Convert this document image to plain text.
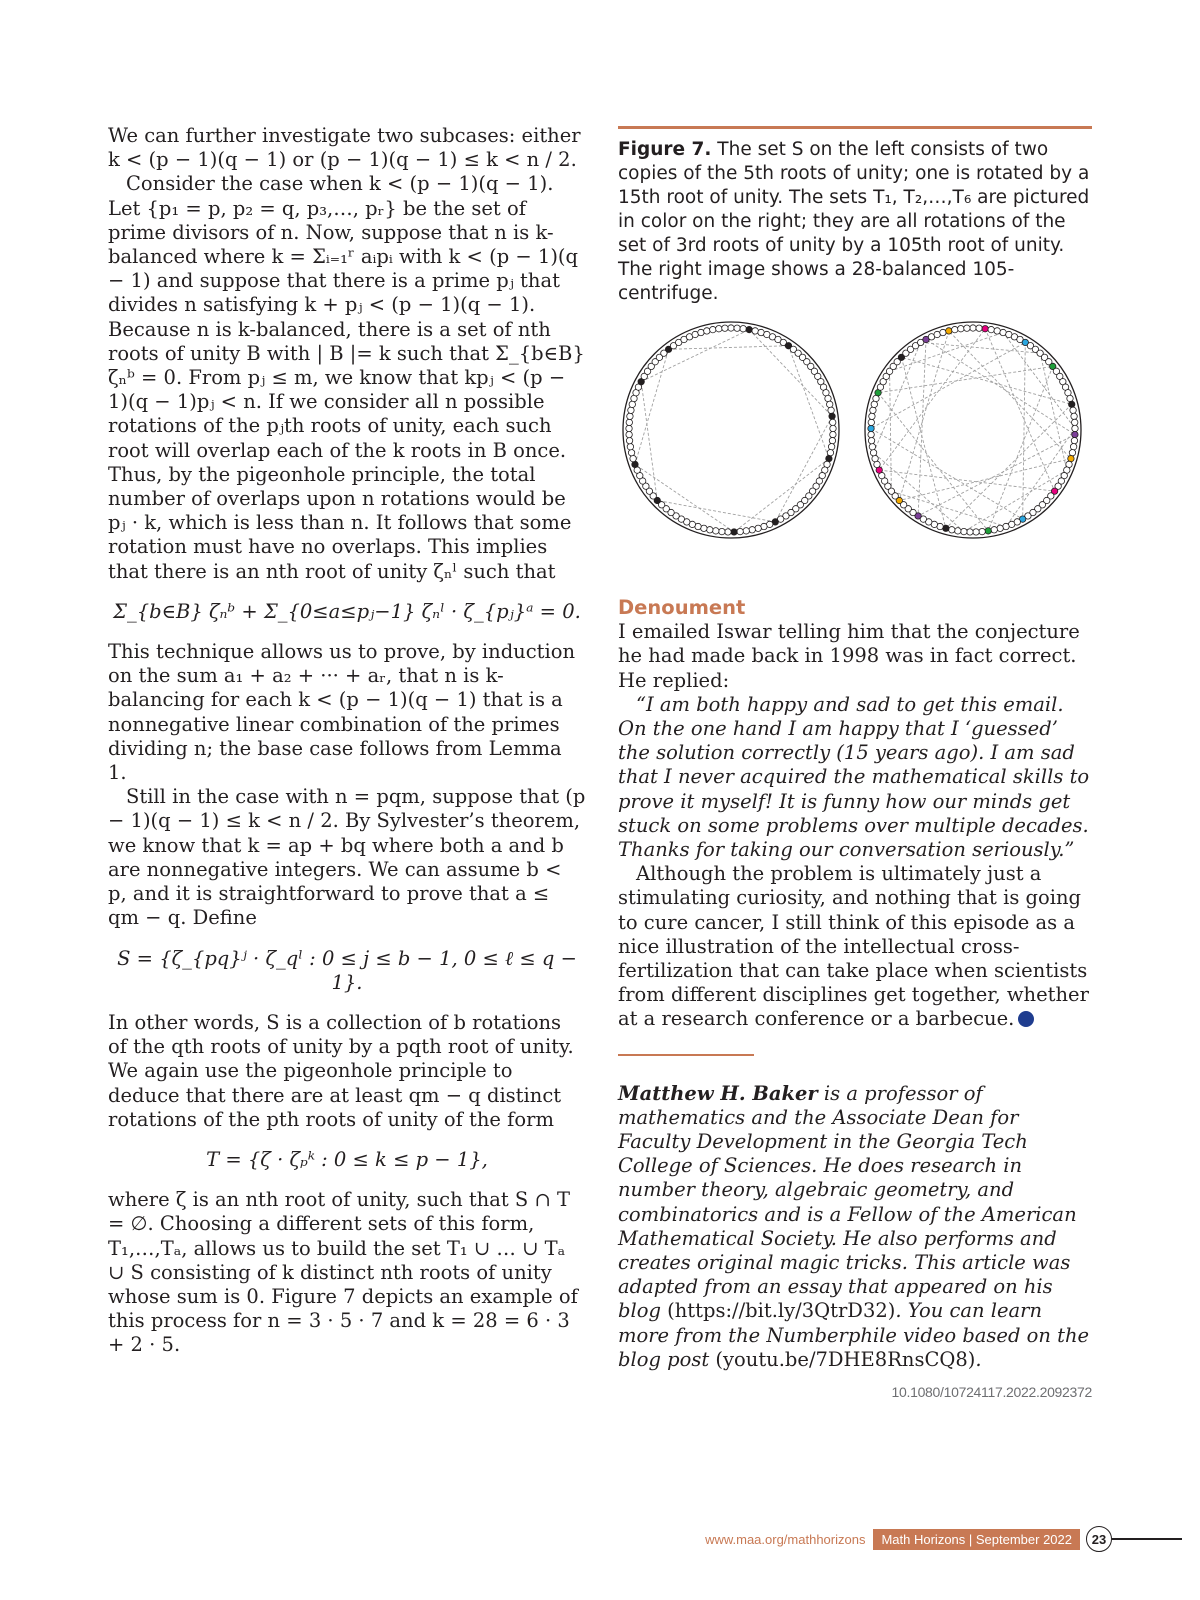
We can further investigate two subcases: either k < (p − 1)(q − 1) or (p − 1)(q − 1) ≤ k < n / 2.

Consider the case when k < (p − 1)(q − 1). Let {p₁ = p, p₂ = q, p₃,…, pᵣ} be the set of prime divisors of n. Now, suppose that n is k-balanced where k = Σᵢ₌₁ʳ aᵢpᵢ with k < (p − 1)(q − 1) and suppose that there is a prime pⱼ that divides n satisfying k + pⱼ < (p − 1)(q − 1). Because n is k-balanced, there is a set of nth roots of unity B with | B |= k such that Σ_{b∈B} ζₙᵇ = 0. From pⱼ ≤ m, we know that kpⱼ < (p − 1)(q − 1)pⱼ < n. If we consider all n possible rotations of the pⱼth roots of unity, each such root will overlap each of the k roots in B once. Thus, by the pigeonhole principle, the total number of overlaps upon n rotations would be pⱼ · k, which is less than n. It follows that some rotation must have no overlaps. This implies that there is an nth root of unity ζₙˡ such that

Σ_{b∈B} ζₙᵇ + Σ_{0≤a≤pⱼ−1} ζₙˡ · ζ_{pⱼ}ᵃ = 0.

This technique allows us to prove, by induction on the sum a₁ + a₂ + ··· + aᵣ, that n is k-balancing for each k < (p − 1)(q − 1) that is a nonnegative linear combination of the primes dividing n; the base case follows from Lemma 1.

Still in the case with n = pqm, suppose that (p − 1)(q − 1) ≤ k < n / 2. By Sylvester’s theorem, we know that k = ap + bq where both a and b are nonnegative integers. We can assume b < p, and it is straightforward to prove that a ≤ qm − q. Define

S = {ζ_{pq}ʲ · ζ_qˡ : 0 ≤ j ≤ b − 1, 0 ≤ ℓ ≤ q − 1}.

In other words, S is a collection of b rotations of the qth roots of unity by a pqth root of unity. We again use the pigeonhole principle to deduce that there are at least qm − q distinct rotations of the pth roots of unity of the form

T = {ζ · ζₚᵏ : 0 ≤ k ≤ p − 1},

where ζ is an nth root of unity, such that S ∩ T = ∅. Choosing a different sets of this form, T₁,…,Tₐ, allows us to build the set T₁ ∪ … ∪ Tₐ ∪ S consisting of k distinct nth roots of unity whose sum is 0. Figure 7 depicts an example of this process for n = 3 · 5 · 7 and k = 28 = 6 · 3 + 2 · 5.

Figure 7. The set S on the left consists of two copies of the 5th roots of unity; one is rotated by a 15th root of unity. The sets T₁, T₂,…,T₆ are pictured in color on the right; they are all rotations of the set of 3rd roots of unity by a 105th root of unity. The right image shows a 28-balanced 105-centrifuge.

Denoument

I emailed Iswar telling him that the conjecture he had made back in 1998 was in fact correct. He replied:

“I am both happy and sad to get this email. On the one hand I am happy that I ‘guessed’ the solution correctly (15 years ago). I am sad that I never acquired the mathematical skills to prove it myself! It is funny how our minds get stuck on some problems over multiple decades. Thanks for taking our conversation seriously.”

Although the problem is ultimately just a stimulating curiosity, and nothing that is going to cure cancer, I still think of this episode as a nice illustration of the intellectual cross-fertilization that can take place when scientists from different disciplines get together, whether at a research conference or a barbecue.

Matthew H. Baker is a professor of mathematics and the Associate Dean for Faculty Development in the Georgia Tech College of Sciences. He does research in number theory, algebraic geometry, and combinatorics and is a Fellow of the American Mathematical Society. He also performs and creates original magic tricks. This article was adapted from an essay that appeared on his blog (https://bit.ly/3QtrD32). You can learn more from the Numberphile video based on the blog post (youtu.be/7DHE8RnsCQ8).

10.1080/10724117.2022.2092372
www.maa.org/mathhorizons	Math Horizons | September 2022	23
